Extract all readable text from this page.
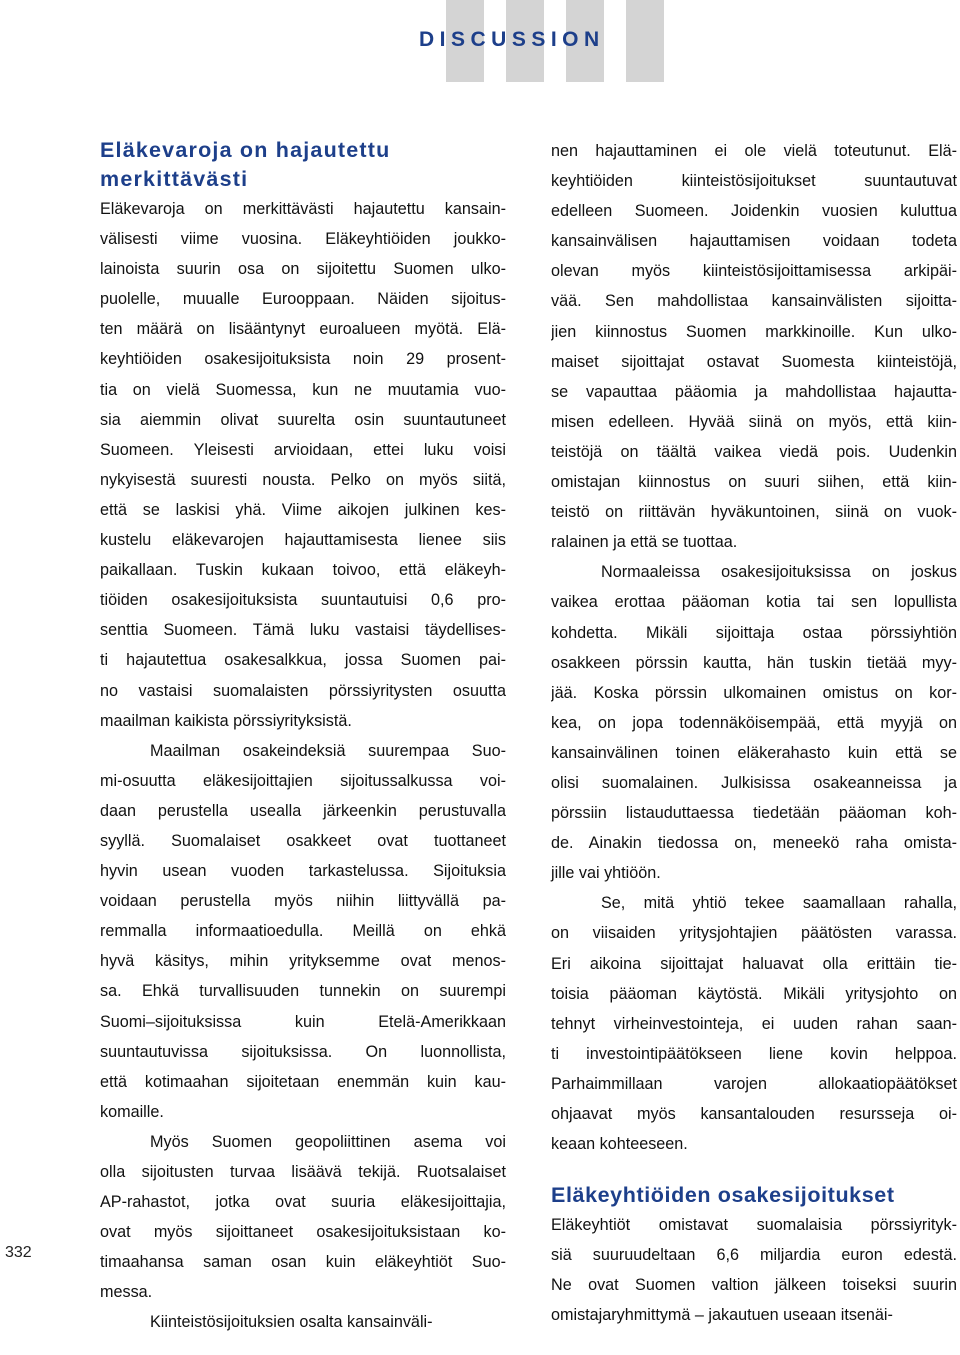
DISCUSSION
332
Eläkevaroja on hajautettu
merkittävästi
Eläkevaroja on merkittävästi hajautettu kansain-
välisesti viime vuosina. Eläkeyhtiöiden joukko-
lainoista suurin osa on sijoitettu Suomen ulko-
puolelle, muualle Eurooppaan. Näiden sijoitus-
ten määrä on lisääntynyt euroalueen myötä. Elä-
keyhtiöiden osakesijoituksista noin 29 prosent-
tia on vielä Suomessa, kun ne muutamia vuo-
sia aiemmin olivat suurelta osin suuntautuneet
Suomeen. Yleisesti arvioidaan, ettei luku voisi
nykyisestä suuresti nousta. Pelko on myös siitä,
että se laskisi yhä. Viime aikojen julkinen kes-
kustelu eläkevarojen hajauttamisesta lienee siis
paikallaan. Tuskin kukaan toivoo, että eläkeyh-
tiöiden osakesijoituksista suuntautuisi 0,6 pro-
senttia Suomeen. Tämä luku vastaisi täydellises-
ti hajautettua osakesalkkua, jossa Suomen pai-
no vastaisi suomalaisten pörssiyritysten osuutta
maailman kaikista pörssiyrityksistä.
Maailman osakeindeksiä suurempaa Suo-
mi-osuutta eläkesijoittajien sijoitussalkussa voi-
daan perustella usealla järkeenkin perustuvalla
syyllä. Suomalaiset osakkeet ovat tuottaneet
hyvin usean vuoden tarkastelussa. Sijoituksia
voidaan perustella myös niihin liittyvällä pa-
remmalla informaatioedulla. Meillä on ehkä
hyvä käsitys, mihin yrityksemme ovat menos-
sa. Ehkä turvallisuuden tunnekin on suurempi
Suomi–sijoituksissa kuin Etelä-Amerikkaan
suuntautuvissa sijoituksissa. On luonnollista,
että kotimaahan sijoitetaan enemmän kuin kau-
komaille.
Myös Suomen geopoliittinen asema voi
olla sijoitusten turvaa lisäävä tekijä. Ruotsalaiset
AP-rahastot, jotka ovat suuria eläkesijoittajia,
ovat myös sijoittaneet osakesijoituksistaan ko-
timaahansa saman osan kuin eläkeyhtiöt Suo-
messa.
Kiinteistösijoituksien osalta kansainväli-
nen hajauttaminen ei ole vielä toteutunut. Elä-
keyhtiöiden kiinteistösijoitukset suuntautuvat
edelleen Suomeen. Joidenkin vuosien kuluttua
kansainvälisen hajauttamisen voidaan todeta
olevan myös kiinteistösijoittamisessa arkipäi-
vää. Sen mahdollistaa kansainvälisten sijoitta-
jien kiinnostus Suomen markkinoille. Kun ulko-
maiset sijoittajat ostavat Suomesta kiinteistöjä,
se vapauttaa pääomia ja mahdollistaa hajautta-
misen edelleen. Hyvää siinä on myös, että kiin-
teistöjä on täältä vaikea viedä pois. Uudenkin
omistajan kiinnostus on suuri siihen, että kiin-
teistö on riittävän hyväkuntoinen, siinä on vuok-
ralainen ja että se tuottaa.
Normaaleissa osakesijoituksissa on joskus
vaikea erottaa pääoman kotia tai sen lopullista
kohdetta. Mikäli sijoittaja ostaa pörssiyhtiön
osakkeen pörssin kautta, hän tuskin tietää myy-
jää. Koska pörssin ulkomainen omistus on kor-
kea, on jopa todennäköisempää, että myyjä on
kansainvälinen toinen eläkerahasto kuin että se
olisi suomalainen. Julkisissa osakeanneissa ja
pörssiin listauduttaessa tiedetään pääoman koh-
de. Ainakin tiedossa on, meneekö raha omista-
jille vai yhtiöön.
Se, mitä yhtiö tekee saamallaan rahalla,
on viisaiden yritysjohtajien päätösten varassa.
Eri aikoina sijoittajat haluavat olla erittäin tie-
toisia pääoman käytöstä. Mikäli yritysjohto on
tehnyt virheinvestointeja, ei uuden rahan saan-
ti investointipäätökseen liene kovin helppoa.
Parhaimmillaan varojen allokaatiopäätökset
ohjaavat myös kansantalouden resursseja oi-
keaan kohteeseen.
Eläkeyhtiöiden osakesijoitukset
Eläkeyhtiöt omistavat suomalaisia pörssiyrityk-
siä suuruudeltaan 6,6 miljardia euron edestä.
Ne ovat Suomen valtion jälkeen toiseksi suurin
omistajaryhmittymä – jakautuen useaan itsenäi-
